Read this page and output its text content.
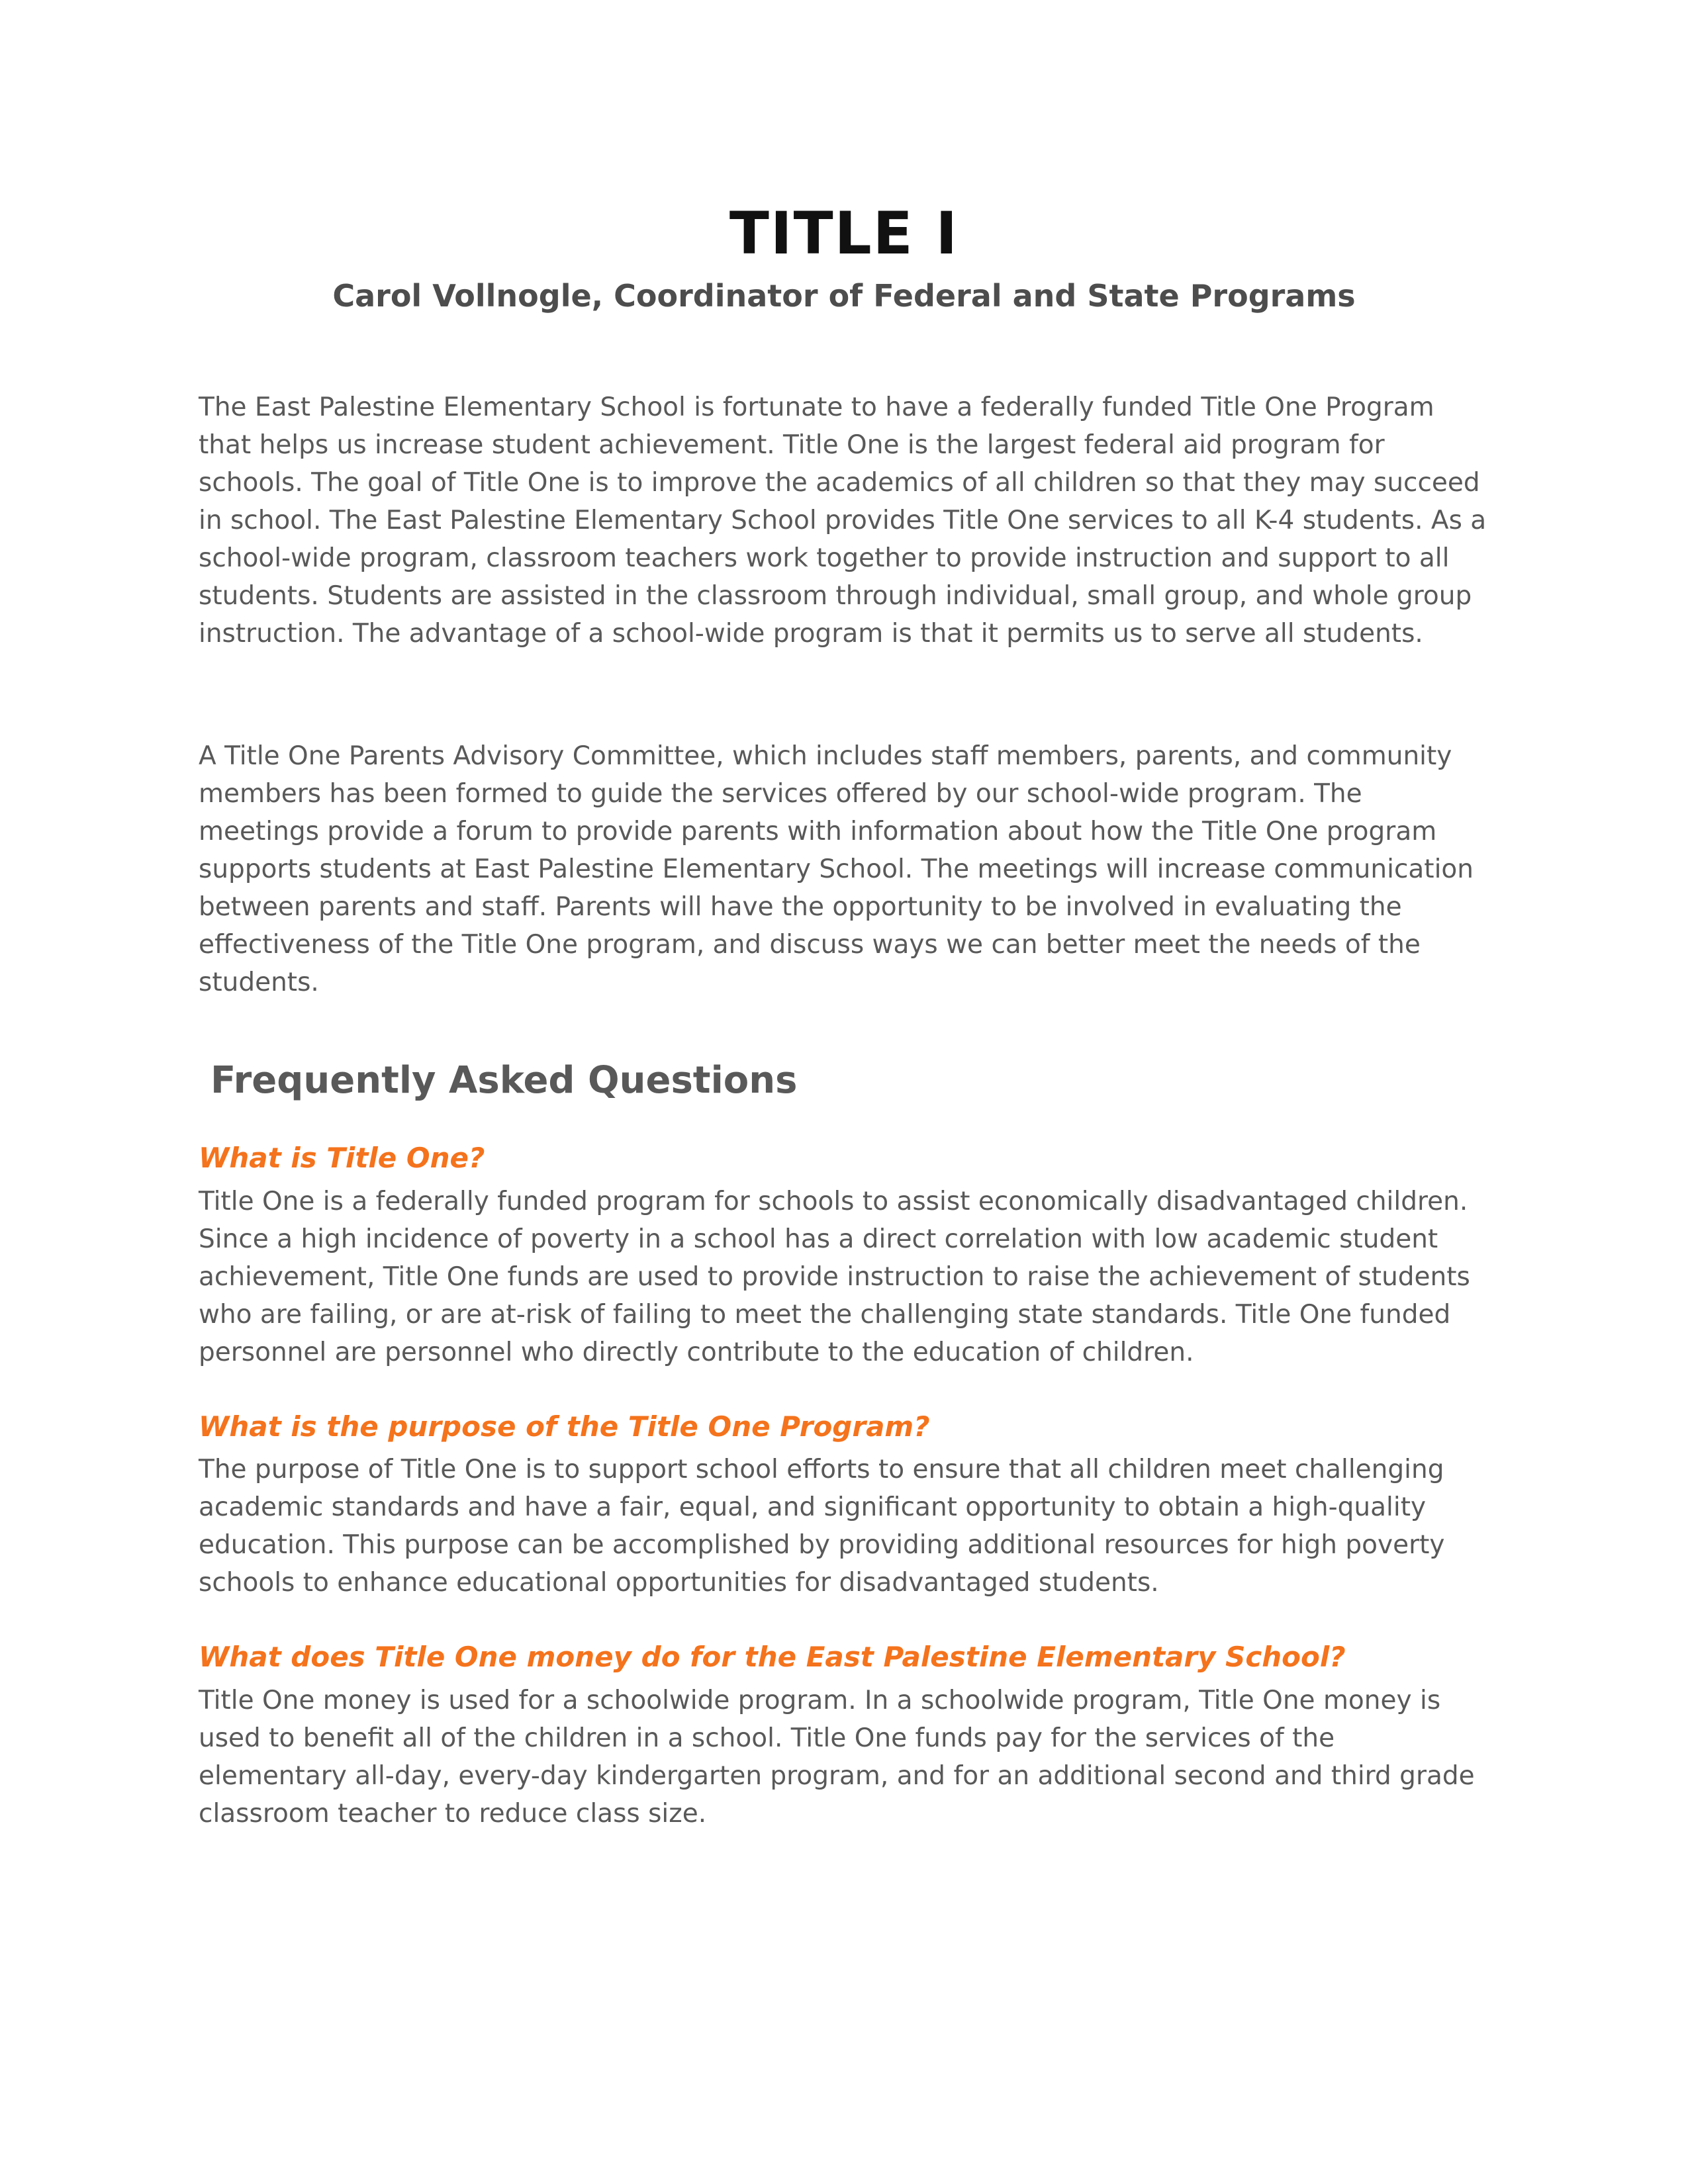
TITLE I
Carol Vollnogle, Coordinator of Federal and State Programs

The East Palestine Elementary School is fortunate to have a federally funded Title One Program that helps us increase student achievement. Title One is the largest federal aid program for schools. The goal of Title One is to improve the academics of all children so that they may succeed in school. The East Palestine Elementary School provides Title One services to all K-4 students. As a school-wide program, classroom teachers work together to provide instruction and support to all students. Students are assisted in the classroom through individual, small group, and whole group instruction. The advantage of a school-wide program is that it permits us to serve all students.

A Title One Parents Advisory Committee, which includes staff members, parents, and community members has been formed to guide the services offered by our school-wide program. The meetings provide a forum to provide parents with information about how the Title One program supports students at East Palestine Elementary School. The meetings will increase communication between parents and staff. Parents will have the opportunity to be involved in evaluating the effectiveness of the Title One program, and discuss ways we can better meet the needs of the students.

Frequently Asked Questions
What is Title One?

Title One is a federally funded program for schools to assist economically disadvantaged children. Since a high incidence of poverty in a school has a direct correlation with low academic student achievement, Title One funds are used to provide instruction to raise the achievement of students who are failing, or are at-risk of failing to meet the challenging state standards. Title One funded personnel are personnel who directly contribute to the education of children.

What is the purpose of the Title One Program?

The purpose of Title One is to support school efforts to ensure that all children meet challenging academic standards and have a fair, equal, and significant opportunity to obtain a high-quality education. This purpose can be accomplished by providing additional resources for high poverty schools to enhance educational opportunities for disadvantaged students.

What does Title One money do for the East Palestine Elementary School?

Title One money is used for a schoolwide program. In a schoolwide program, Title One money is used to benefit all of the children in a school. Title One funds pay for the services of the elementary all-day, every-day kindergarten program, and for an additional second and third grade classroom teacher to reduce class size.
